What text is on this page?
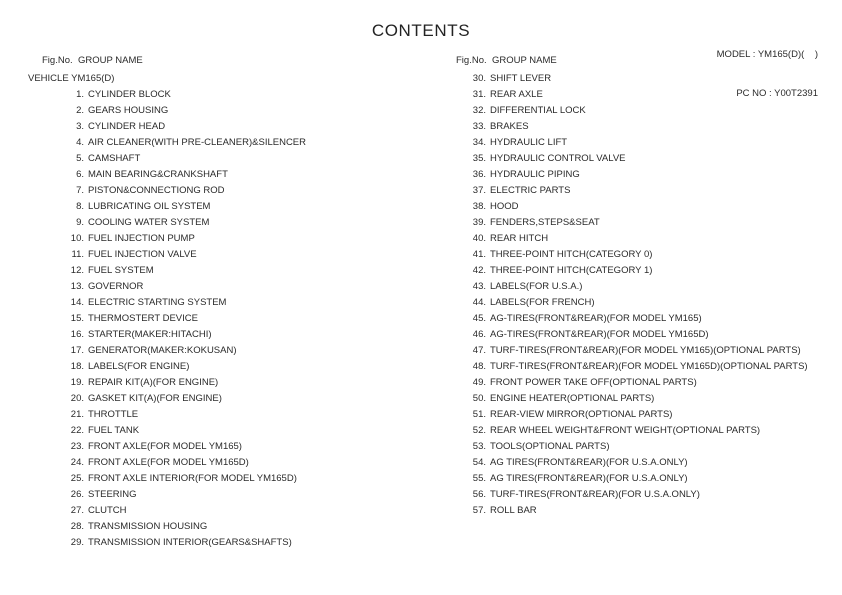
CONTENTS

MODEL : YM165(D)(    )

PC NO : Y00T2391

Fig.No.

GROUP NAME

VEHICLE YM165(D)
1. CYLINDER BLOCK
2. GEARS HOUSING
3. CYLINDER HEAD
4. AIR CLEANER(WITH PRE-CLEANER)&SILENCER
5. CAMSHAFT
6. MAIN BEARING&CRANKSHAFT
7. PISTON&CONNECTIONG ROD
8. LUBRICATING OIL SYSTEM
9. COOLING WATER SYSTEM
10. FUEL INJECTION PUMP
11. FUEL INJECTION VALVE
12. FUEL SYSTEM
13. GOVERNOR
14. ELECTRIC STARTING SYSTEM
15. THERMOSTERT DEVICE
16. STARTER(MAKER:HITACHI)
17. GENERATOR(MAKER:KOKUSAN)
18. LABELS(FOR ENGINE)
19. REPAIR KIT(A)(FOR ENGINE)
20. GASKET KIT(A)(FOR ENGINE)
21. THROTTLE
22. FUEL TANK
23. FRONT AXLE(FOR MODEL YM165)
24. FRONT AXLE(FOR MODEL YM165D)
25. FRONT AXLE INTERIOR(FOR MODEL YM165D)
26. STEERING
27. CLUTCH
28. TRANSMISSION HOUSING
29. TRANSMISSION INTERIOR(GEARS&SHAFTS)

Fig.No.

GROUP NAME

30. SHIFT LEVER
31. REAR AXLE
32. DIFFERENTIAL LOCK
33. BRAKES
34. HYDRAULIC LIFT
35. HYDRAULIC CONTROL VALVE
36. HYDRAULIC PIPING
37. ELECTRIC PARTS
38. HOOD
39. FENDERS,STEPS&SEAT
40. REAR HITCH
41. THREE-POINT HITCH(CATEGORY 0)
42. THREE-POINT HITCH(CATEGORY 1)
43. LABELS(FOR U.S.A.)
44. LABELS(FOR FRENCH)
45. AG-TIRES(FRONT&REAR)(FOR MODEL YM165)
46. AG-TIRES(FRONT&REAR)(FOR MODEL YM165D)
47. TURF-TIRES(FRONT&REAR)(FOR MODEL YM165)(OPTIONAL PARTS)
48. TURF-TIRES(FRONT&REAR)(FOR MODEL YM165D)(OPTIONAL PARTS)
49. FRONT POWER TAKE OFF(OPTIONAL PARTS)
50. ENGINE HEATER(OPTIONAL PARTS)
51. REAR-VIEW MIRROR(OPTIONAL PARTS)
52. REAR WHEEL WEIGHT&FRONT WEIGHT(OPTIONAL PARTS)
53. TOOLS(OPTIONAL PARTS)
54. AG TIRES(FRONT&REAR)(FOR U.S.A.ONLY)
55. AG TIRES(FRONT&REAR)(FOR U.S.A.ONLY)
56. TURF-TIRES(FRONT&REAR)(FOR U.S.A.ONLY)
57. ROLL BAR
